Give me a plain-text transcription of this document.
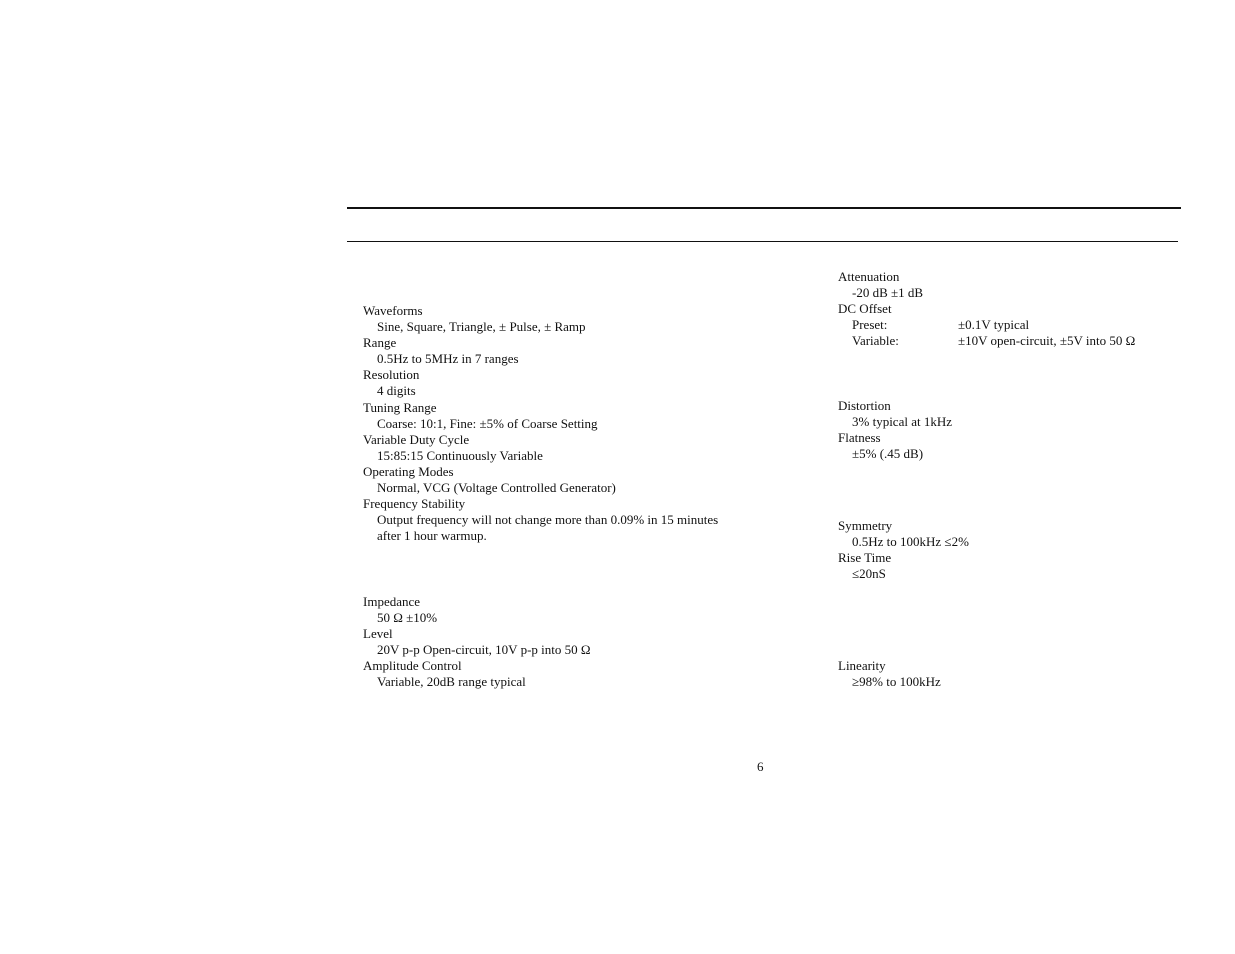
Waveforms
Sine, Square, Triangle, ± Pulse, ± Ramp
Range
0.5Hz to 5MHz in 7 ranges
Resolution
4 digits
Tuning Range
Coarse: 10:1, Fine: ±5% of Coarse Setting
Variable Duty Cycle
15:85:15 Continuously Variable
Operating Modes
Normal, VCG (Voltage Controlled Generator)
Frequency Stability
Output frequency will not change more than 0.09% in 15 minutes after 1 hour warmup.
Impedance
50 Ω ±10%
Level
20V p-p Open-circuit, 10V p-p into 50 Ω
Amplitude Control
Variable, 20dB range typical
Attenuation
-20 dB ±1 dB
DC Offset
Preset:	±0.1V typical
Variable:	±10V open-circuit, ±5V into 50 Ω
Distortion
3% typical at 1kHz
Flatness
±5% (.45 dB)
Symmetry
0.5Hz to 100kHz ≤2%
Rise Time
≤20nS
Linearity
≥98% to 100kHz
6
